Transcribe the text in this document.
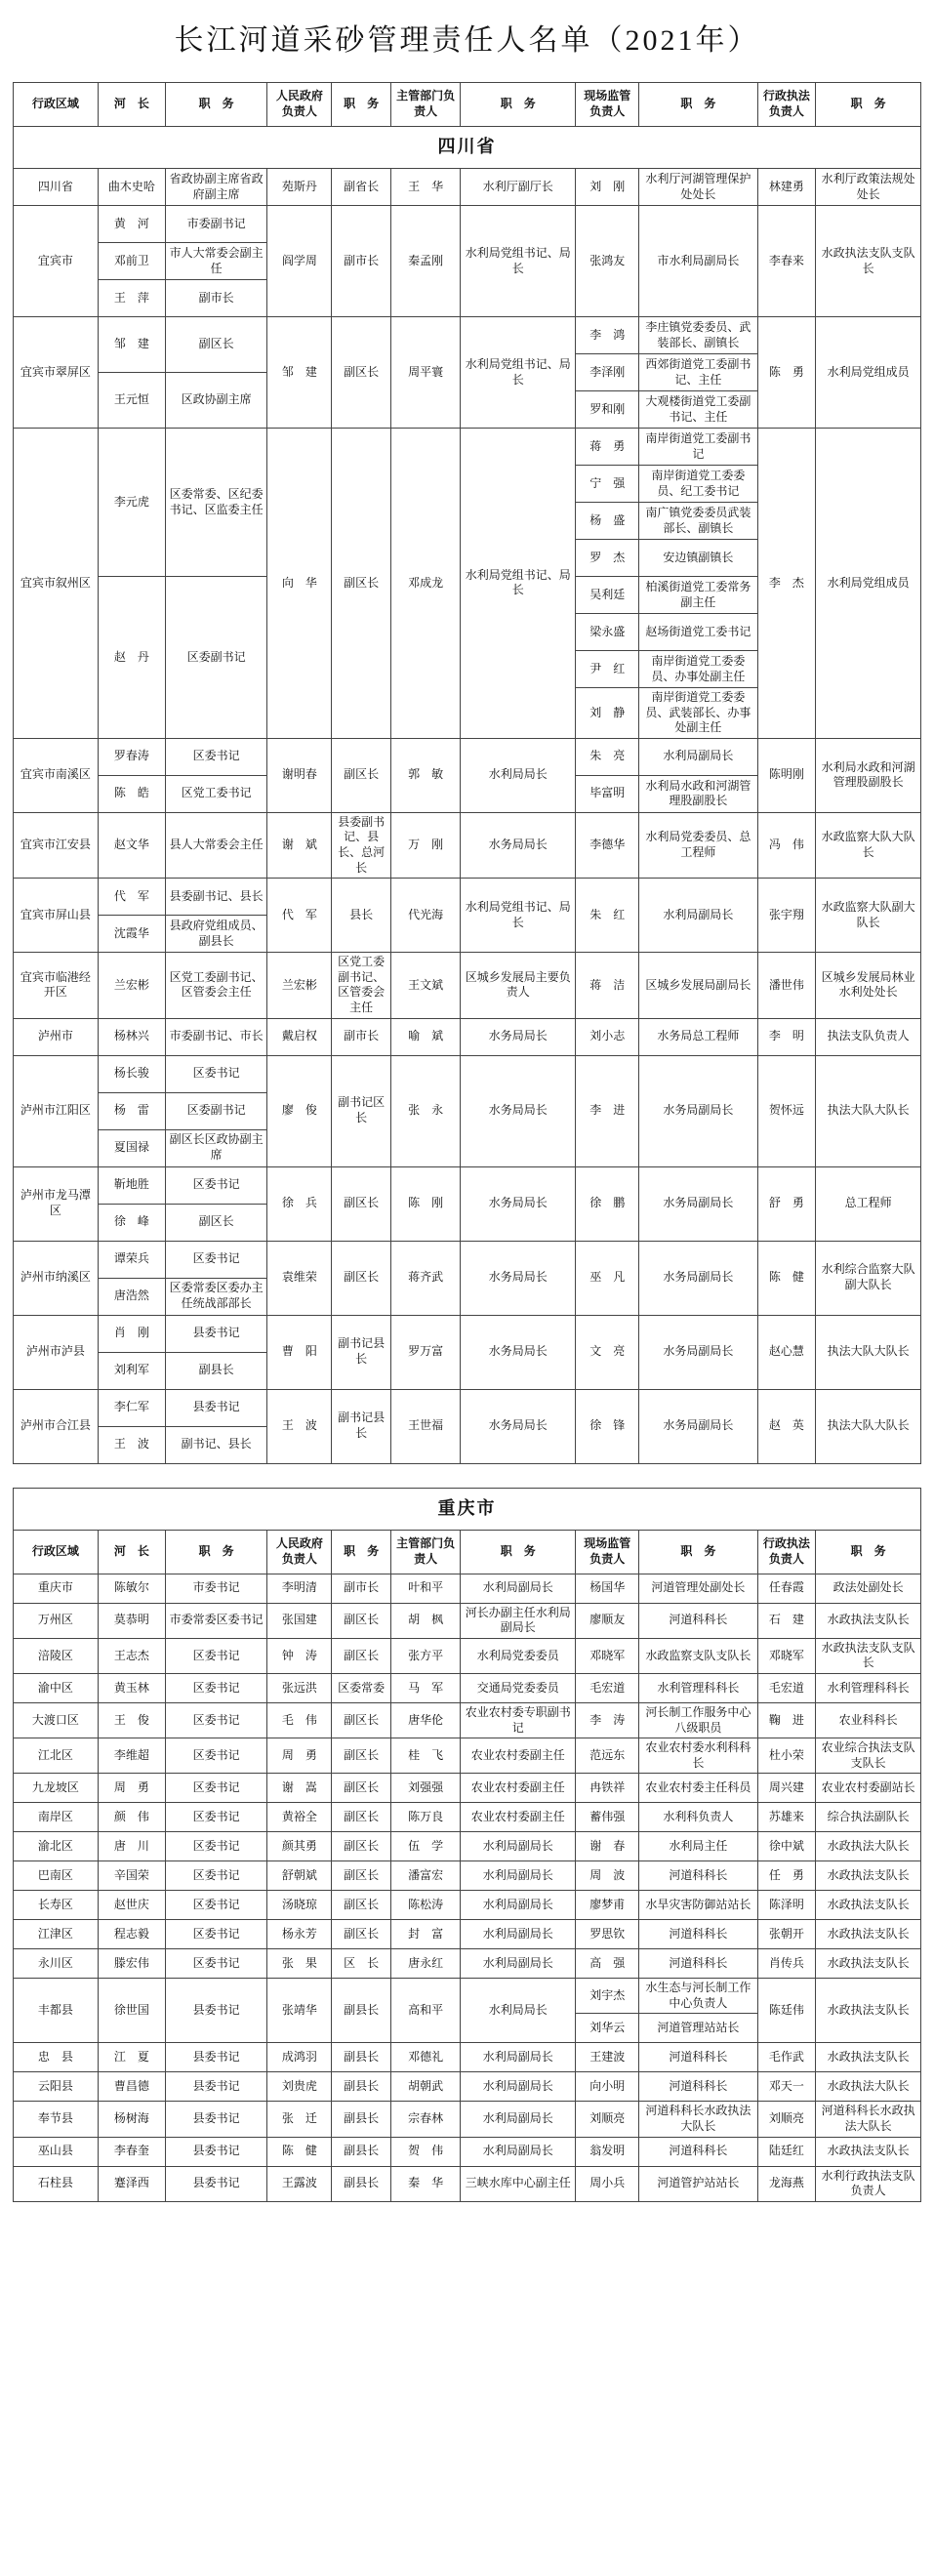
长江河道采砂管理责任人名单（2021年）
行政区域	河　长	职　务	人民政府负责人	职　务	主管部门负责人	职　务	现场监管负责人	职　务	行政执法负责人	职　务
四川省										
四川省	曲木史哈	省政协副主席省政府副主席	苑斯丹	副省长	王　华	水利厅副厅长	刘　刚	水利厅河湖管理保护处处长	林建勇	水利厅政策法规处处长
宜宾市	黄　河	市委副书记	阎学周	副市长	秦孟刚	水利局党组书记、局长	张鸿友	市水利局副局长	李春来	水政执法支队支队长
	邓前卫	市人大常委会副主任								
	王　萍	副市长								
宜宾市翠屏区	邹　建	副区长	邹　建	副区长	周平寰	水利局党组书记、局长	李　鸿	李庄镇党委委员、武装部长、副镇长	陈　勇	水利局党组成员

							李泽刚	西郊街道党工委副书记、主任		
	王元恒	区政协副主席								
							罗和刚	大观楼街道党工委副书记、主任		

宜宾市叙州区	李元虎	区委常委、区纪委书记、区监委主任	向　华	副区长	邓成龙	水利局党组书记、局长	蒋　勇	南岸街道党工委副书记	李　杰	水利局党组成员
							宁　强	南岸街道党工委委员、纪工委书记		
							杨　盛	南广镇党委委员武装部长、副镇长		
							罗　杰	安边镇副镇长		
	赵　丹	区委副书记					吴利廷	柏溪街道党工委常务副主任		
							梁永盛	赵场街道党工委书记		
							尹　红	南岸街道党工委委员、办事处副主任		
							刘　静	南岸街道党工委委员、武装部长、办事处副主任		
宜宾市南溪区	罗春涛	区委书记	谢明春	副区长	郭　敏	水利局局长	朱　亮	水利局副局长	陈明刚	水利局水政和河湖管理股副股长
	陈　皓	区党工委书记					毕富明	水利局水政和河湖管理股副股长		
宜宾市江安县	赵文华	县人大常委会主任	谢　斌	县委副书记、县长、总河长	万　刚	水务局局长	李德华	水利局党委委员、总工程师	冯　伟	水政监察大队大队长
宜宾市屏山县	代　军	县委副书记、县长	代　军	县长	代光海	水利局党组书记、局长	朱　红	水利局副局长	张宇翔	水政监察大队副大队长
	沈霞华	县政府党组成员、副县长								
宜宾市临港经开区	兰宏彬	区党工委副书记、区管委会主任	兰宏彬	区党工委副书记、区管委会主任	王文斌	区城乡发展局主要负责人	蒋　洁	区城乡发展局副局长	潘世伟	区城乡发展局林业水利处处长
泸州市	杨林兴	市委副书记、市长	戴启权	副市长	喻　斌	水务局局长	刘小志	水务局总工程师	李　明	执法支队负责人
泸州市江阳区	杨长骏	区委书记	廖　俊	副书记区长	张　永	水务局局长	李　进	水务局副局长	贺怀远	执法大队大队长
	杨　雷	区委副书记								
	夏国禄	副区长区政协副主席								
泸州市龙马潭区	靳地胜	区委书记	徐　兵	副区长	陈　刚	水务局局长	徐　鹏	水务局副局长	舒　勇	总工程师
	徐　峰	副区长								
泸州市纳溪区	谭荣兵	区委书记	袁维荣	副区长	蒋齐武	水务局局长	巫　凡	水务局副局长	陈　健	水利综合监察大队副大队长
	唐浩然	区委常委区委办主任统战部部长								
泸州市泸县	肖　刚	县委书记	曹　阳	副书记县长	罗万富	水务局局长	文　亮	水务局副局长	赵心慧	执法大队大队长
	刘利军	副县长								
泸州市合江县	李仁军	县委书记	王　波	副书记县长	王世福	水务局局长	徐　锋	水务局副局长	赵　英	执法大队大队长
	王　波	副书记、县长								

重庆市										
行政区域	河　长	职　务	人民政府负责人	职　务	主管部门负责人	职　务	现场监管负责人	职　务	行政执法负责人	职　务
重庆市	陈敏尔	市委书记	李明清	副市长	叶和平	水利局副局长	杨国华	河道管理处副处长	任春霞	政法处副处长
万州区	莫恭明	市委常委区委书记	张国建	副区长	胡　枫	河长办副主任水利局副局长	廖顺友	河道科科长	石　建	水政执法支队长
涪陵区	王志杰	区委书记	钟　涛	副区长	张方平	水利局党委委员	邓晓军	水政监察支队支队长	邓晓军	水政执法支队支队长
渝中区	黄玉林	区委书记	张远洪	区委常委	马　军	交通局党委委员	毛宏道	水利管理科科长	毛宏道	水利管理科科长
大渡口区	王　俊	区委书记	毛　伟	副区长	唐华伦	农业农村委专职副书记	李　涛	河长制工作服务中心八级职员	鞠　进	农业科科长
江北区	李维超	区委书记	周　勇	副区长	桂　飞	农业农村委副主任	范远东	农业农村委水利科科长	杜小荣	农业综合执法支队支队长
九龙坡区	周　勇	区委书记	谢　嵩	副区长	刘强强	农业农村委副主任	冉铁祥	农业农村委主任科员	周兴建	农业农村委副站长
南岸区	颜　伟	区委书记	黄裕全	副区长	陈万良	农业农村委副主任	蓄伟强	水利科负责人	苏雄来	综合执法副队长
渝北区	唐　川	区委书记	颜其勇	副区长	伍　学	水利局副局长	谢　春	水利局主任	徐中斌	水政执法大队长
巴南区	辛国荣	区委书记	舒朝斌	副区长	潘富宏	水利局副局长	周　波	河道科科长	任　勇	水政执法支队长
长寿区	赵世庆	区委书记	汤晓琼	副区长	陈松涛	水利局副局长	廖梦甫	水旱灾害防御站站长	陈泽明	水政执法支队长
江津区	程志毅	区委书记	杨永芳	副区长	封　富	水利局副局长	罗思钦	河道科科长	张朝开	水政执法支队长
永川区	滕宏伟	区委书记	张　果	区　长	唐永红	水利局副局长	高　强	河道科科长	肖传兵	水政执法支队长
丰都县	徐世国	县委书记	张靖华	副县长	高和平	水利局局长	刘宇杰	水生态与河长制工作中心负责人	陈廷伟	水政执法支队长
							刘华云	河道管理站站长		
忠　县	江　夏	县委书记	成鸿羽	副县长	邓德礼	水利局副局长	王建波	河道科科长	毛作武	水政执法支队长
云阳县	曹昌德	县委书记	刘贵虎	副县长	胡朝武	水利局副局长	向小明	河道科科长	邓天一	水政执法大队长
奉节县	杨树海	县委书记	张　迁	副县长	宗春林	水利局副局长	刘顺亮	河道科科长水政执法大队长	刘顺亮	河道科科长水政执法大队长
巫山县	李春奎	县委书记	陈　健	副县长	贺　伟	水利局副局长	翁发明	河道科科长	陆廷红	水政执法支队长
石柱县	蹇泽西	县委书记	王露波	副县长	秦　华	三峡水库中心副主任	周小兵	河道管护站站长	龙海燕	水利行政执法支队负责人
